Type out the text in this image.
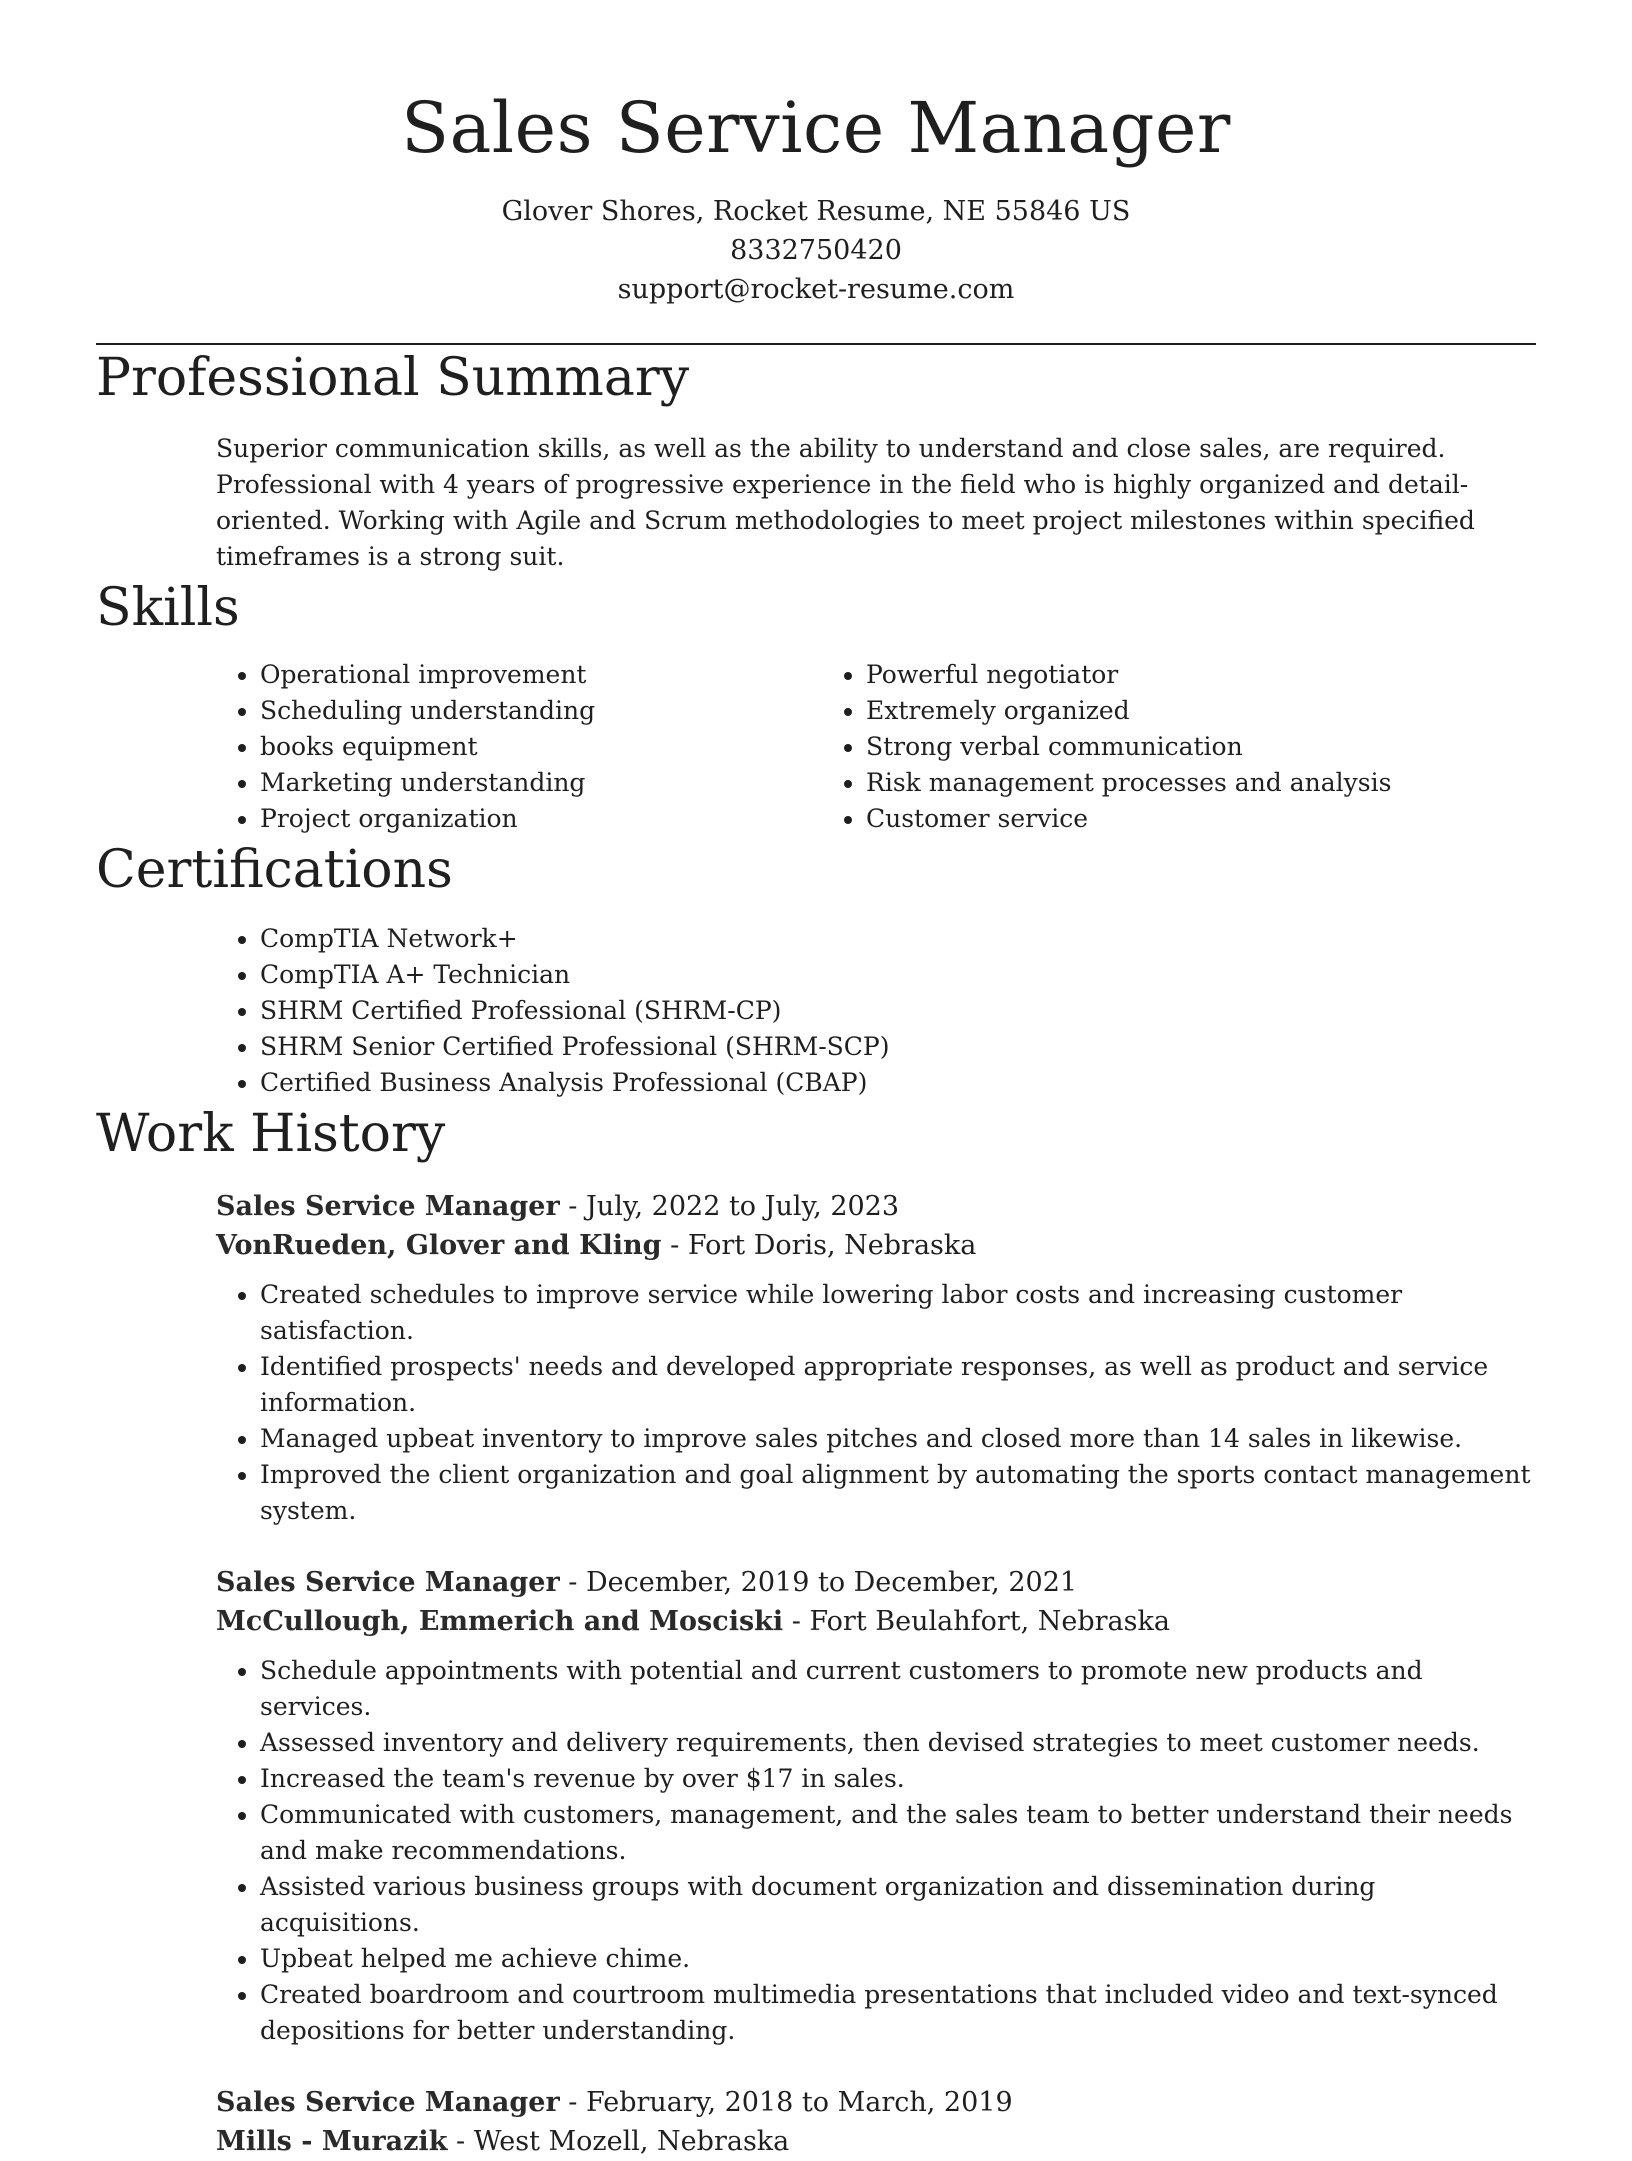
Sales Service Manager
Glover Shores, Rocket Resume, NE 55846 US
8332750420
support@rocket-resume.com
Professional Summary
Superior communication skills, as well as the ability to understand and close sales, are required. Professional with 4 years of progressive experience in the field who is highly organized and detail-oriented. Working with Agile and Scrum methodologies to meet project milestones within specified timeframes is a strong suit.
Skills
• Operational improvement
• Scheduling understanding
• books equipment
• Marketing understanding
• Project organization
• Powerful negotiator
• Extremely organized
• Strong verbal communication
• Risk management processes and analysis
• Customer service
Certifications
• CompTIA Network+
• CompTIA A+ Technician
• SHRM Certified Professional (SHRM-CP)
• SHRM Senior Certified Professional (SHRM-SCP)
• Certified Business Analysis Professional (CBAP)
Work History
Sales Service Manager - July, 2022 to July, 2023
VonRueden, Glover and Kling - Fort Doris, Nebraska
• Created schedules to improve service while lowering labor costs and increasing customer satisfaction.
• Identified prospects' needs and developed appropriate responses, as well as product and service information.
• Managed upbeat inventory to improve sales pitches and closed more than 14 sales in likewise.
• Improved the client organization and goal alignment by automating the sports contact management system.
Sales Service Manager - December, 2019 to December, 2021
McCullough, Emmerich and Mosciski - Fort Beulahfort, Nebraska
• Schedule appointments with potential and current customers to promote new products and services.
• Assessed inventory and delivery requirements, then devised strategies to meet customer needs.
• Increased the team's revenue by over $17 in sales.
• Communicated with customers, management, and the sales team to better understand their needs and make recommendations.
• Assisted various business groups with document organization and dissemination during acquisitions.
• Upbeat helped me achieve chime.
• Created boardroom and courtroom multimedia presentations that included video and text-synced depositions for better understanding.
Sales Service Manager - February, 2018 to March, 2019
Mills - Murazik - West Mozell, Nebraska
